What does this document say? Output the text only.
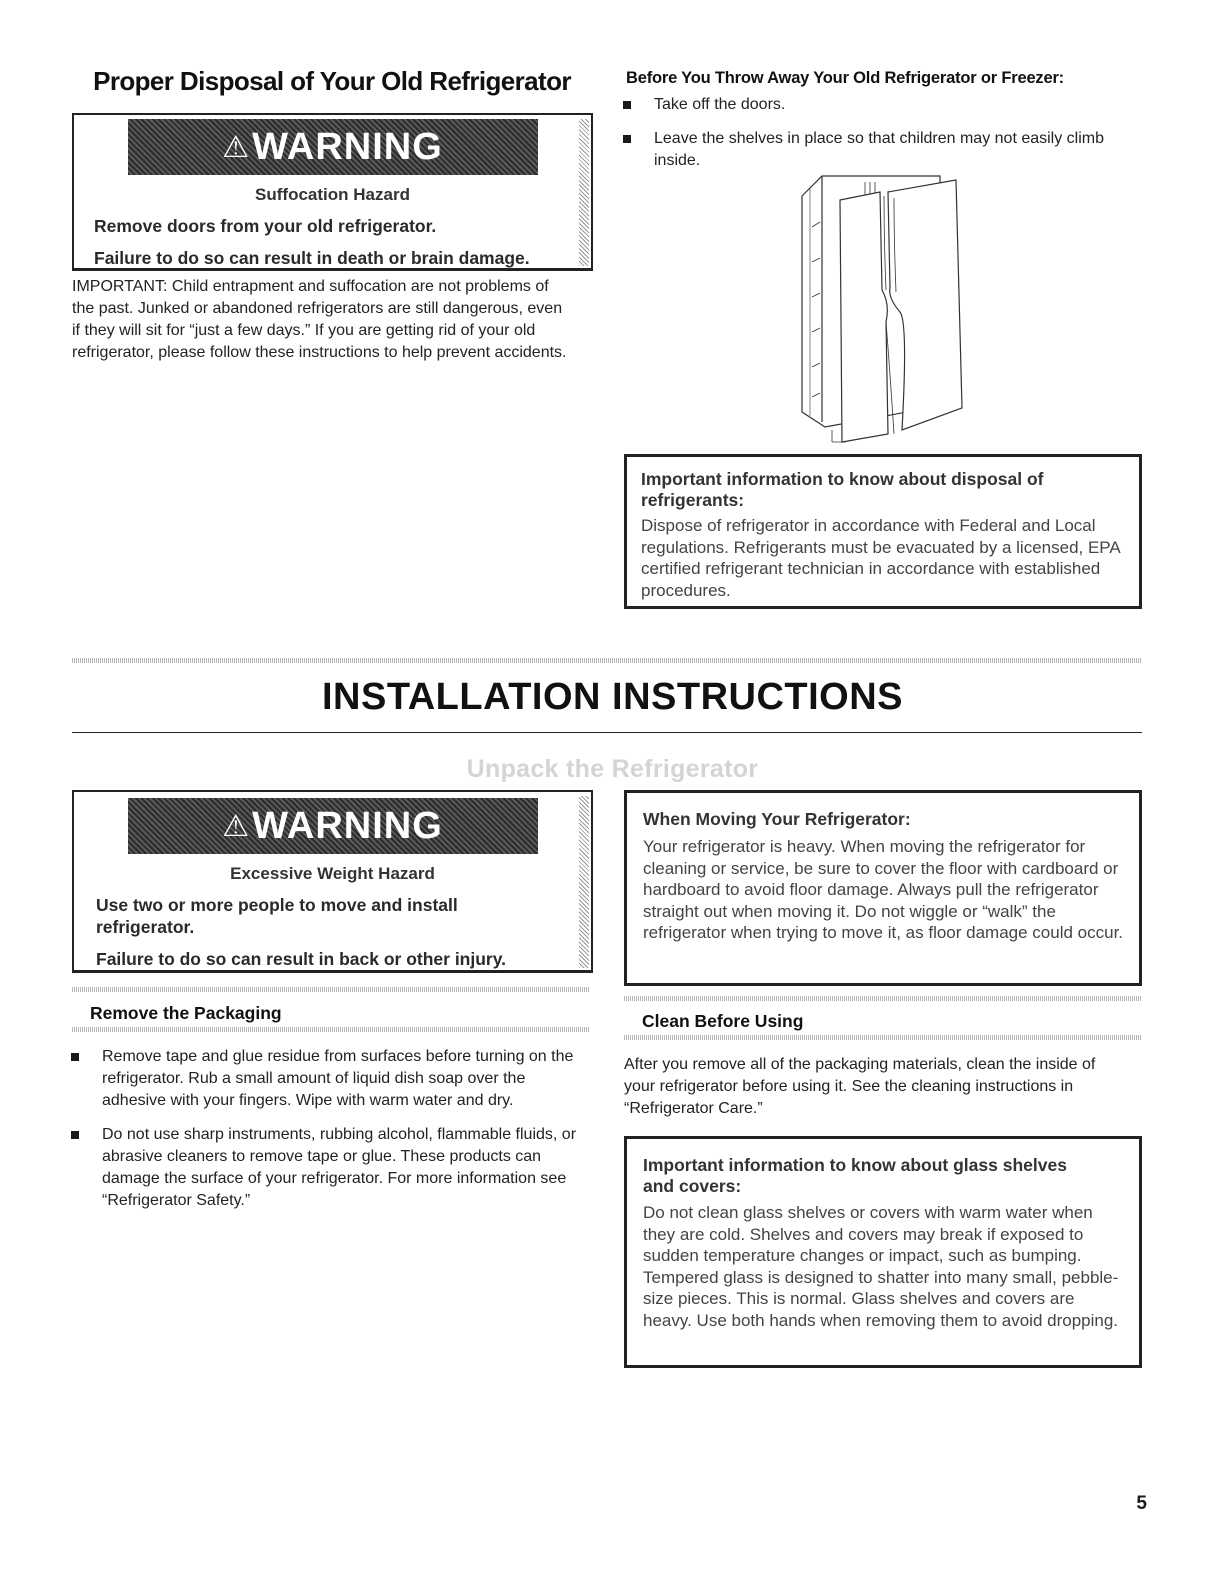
Proper Disposal of Your Old Refrigerator
⚠WARNING
Suffocation Hazard
Remove doors from your old refrigerator.
Failure to do so can result in death or brain damage.
IMPORTANT: Child entrapment and suffocation are not problems of the past. Junked or abandoned refrigerators are still dangerous, even if they will sit for “just a few days.” If you are getting rid of your old refrigerator, please follow these instructions to help prevent accidents.
Before You Throw Away Your Old Refrigerator or Freezer:
Take off the doors.
Leave the shelves in place so that children may not easily climb inside.
Important information to know about disposal of refrigerants:
Dispose of refrigerator in accordance with Federal and Local regulations. Refrigerants must be evacuated by a licensed, EPA certified refrigerant technician in accordance with established procedures.
INSTALLATION INSTRUCTIONS
Unpack the Refrigerator
⚠WARNING
Excessive Weight Hazard
Use two or more people to move and install refrigerator.
Failure to do so can result in back or other injury.
When Moving Your Refrigerator:
Your refrigerator is heavy. When moving the refrigerator for cleaning or service, be sure to cover the floor with cardboard or hardboard to avoid floor damage. Always pull the refrigerator straight out when moving it. Do not wiggle or “walk” the refrigerator when trying to move it, as floor damage could occur.
Remove the Packaging
Remove tape and glue residue from surfaces before turning on the refrigerator. Rub a small amount of liquid dish soap over the adhesive with your fingers. Wipe with warm water and dry.
Do not use sharp instruments, rubbing alcohol, flammable fluids, or abrasive cleaners to remove tape or glue. These products can damage the surface of your refrigerator. For more information see “Refrigerator Safety.”
Clean Before Using
After you remove all of the packaging materials, clean the inside of your refrigerator before using it. See the cleaning instructions in “Refrigerator Care.”
Important information to know about glass shelves and covers:
Do not clean glass shelves or covers with warm water when they are cold. Shelves and covers may break if exposed to sudden temperature changes or impact, such as bumping. Tempered glass is designed to shatter into many small, pebble-size pieces. This is normal. Glass shelves and covers are heavy. Use both hands when removing them to avoid dropping.
5
